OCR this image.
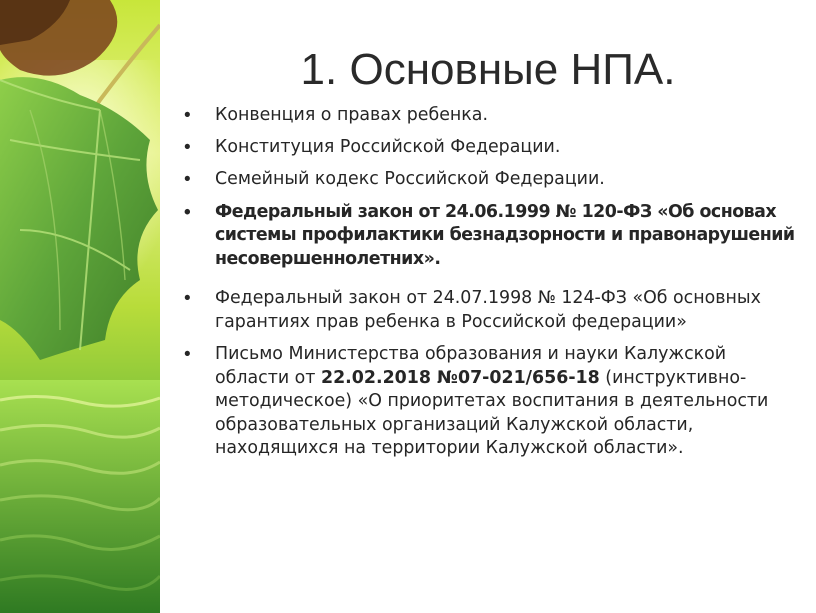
1. Основные НПА.
• Конвенция о правах ребенка.
• Конституция Российской Федерации.
• Семейный кодекс Российской Федерации.
• Федеральный закон от 24.06.1999 № 120-ФЗ «Об основах системы профилактики безнадзорности и правонарушений несовершеннолетних».
• Федеральный закон от 24.07.1998 № 124-ФЗ «Об основных гарантиях прав ребенка в Российской федерации»
• Письмо Министерства образования и науки Калужской области от 22.02.2018 №07-021/656-18 (инструктивно-методическое) «О приоритетах воспитания в деятельности образовательных организаций Калужской области, находящихся на территории Калужской области».
